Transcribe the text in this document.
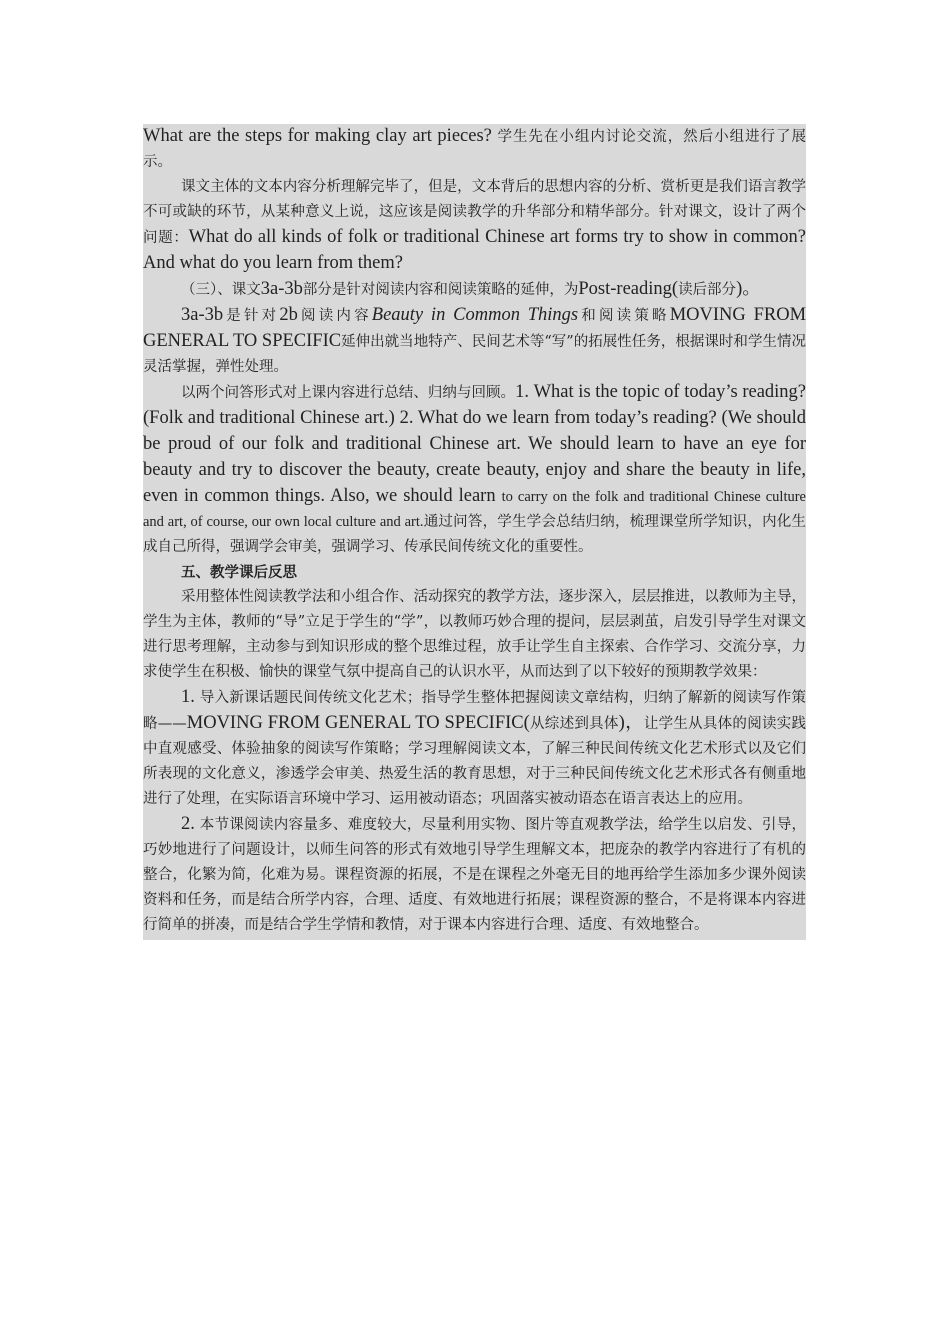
What are the steps for making clay art pieces? 学生先在小组内讨论交流，然后小组进行了展示。

课文主体的文本内容分析理解完毕了，但是，文本背后的思想内容的分析、赏析更是我们语言教学不可或缺的环节，从某种意义上说，这应该是阅读教学的升华部分和精华部分。针对课文，设计了两个问题：What do all kinds of folk or traditional Chinese art forms try to show in common? And what do you learn from them?

（三）、课文3a-3b部分是针对阅读内容和阅读策略的延伸，为Post-reading(读后部分)。

3a-3b是针对2b阅读内容Beauty in Common Things和阅读策略MOVING FROM GENERAL TO SPECIFIC延伸出就当地特产、民间艺术等“写”的拓展性任务，根据课时和学生情况灵活掌握，弹性处理。

以两个问答形式对上课内容进行总结、归纳与回顾。1. What is the topic of today’s reading? (Folk and traditional Chinese art.) 2. What do we learn from today’s reading? (We should be proud of our folk and traditional Chinese art. We should learn to have an eye for beauty and try to discover the beauty, create beauty, enjoy and share the beauty in life, even in common things. Also, we should learn to carry on the folk and traditional Chinese culture and art, of course, our own local culture and art.通过问答，学生学会总结归纳，梳理课堂所学知识，内化生成自己所得，强调学会审美，强调学习、传承民间传统文化的重要性。

五、教学课后反思

采用整体性阅读教学法和小组合作、活动探究的教学方法，逐步深入，层层推进，以教师为主导，学生为主体，教师的“导”立足于学生的“学”，以教师巧妙合理的提问，层层剥茧，启发引导学生对课文进行思考理解，主动参与到知识形成的整个思维过程，放手让学生自主探索、合作学习、交流分享，力求使学生在积极、愉快的课堂气氛中提高自己的认识水平，从而达到了以下较好的预期教学效果：

1. 导入新课话题民间传统文化艺术；指导学生整体把握阅读文章结构，归纳了解新的阅读写作策略——MOVING FROM GENERAL TO SPECIFIC(从综述到具体)，让学生从具体的阅读实践中直观感受、体验抽象的阅读写作策略；学习理解阅读文本，了解三种民间传统文化艺术形式以及它们所表现的文化意义，渗透学会审美、热爱生活的教育思想，对于三种民间传统文化艺术形式各有侧重地进行了处理，在实际语言环境中学习、运用被动语态；巩固落实被动语态在语言表达上的应用。

2. 本节课阅读内容量多、难度较大，尽量利用实物、图片等直观教学法，给学生以启发、引导，巧妙地进行了问题设计，以师生问答的形式有效地引导学生理解文本，把庞杂的教学内容进行了有机的整合，化繁为简，化难为易。课程资源的拓展，不是在课程之外毫无目的地再给学生添加多少课外阅读资料和任务，而是结合所学内容，合理、适度、有效地进行拓展；课程资源的整合，不是将课本内容进行简单的拼凑，而是结合学生学情和教情，对于课本内容进行合理、适度、有效地整合。
